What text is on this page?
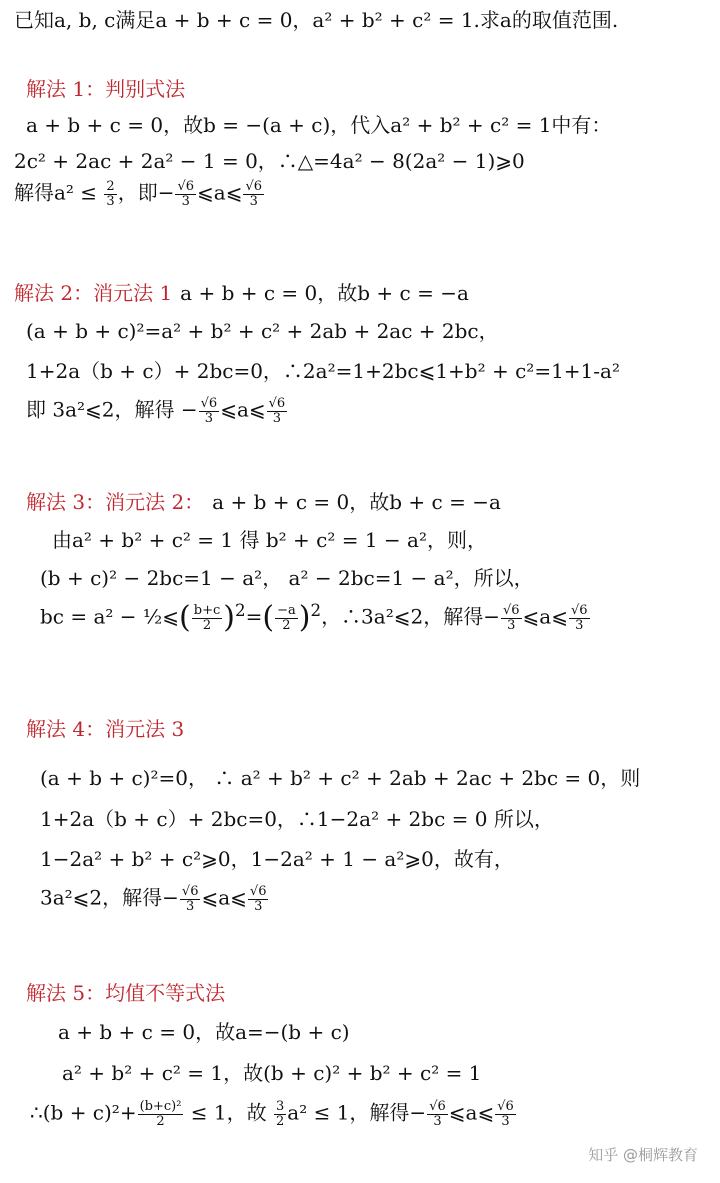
已知a, b, c满足a + b + c = 0，a² + b² + c² = 1.求a的取值范围.
解法 1：判别式法
a + b + c = 0，故b = −(a + c)，代入a² + b² + c² = 1中有：
2c² + 2ac + 2a² − 1 = 0，∴△=4a² − 8(2a² − 1)⩾0
解得$a^2 \le \frac{2}{3}$ ，即− $\frac{√6}{3}$ ⩽a⩽ $\frac{√6}{3}$
解法 2：消元法 1 a + b + c = 0，故b + c = −a
(a + b + c)²=a² + b² + c² + 2ab + 2ac + 2bc，
1+2a（b + c）+ 2bc=0，∴2a²=1+2bc⩽1+b² + c²=1+1-a²
即 3a²⩽2，解得 − $\frac{√6}{3}$ ⩽a⩽ $\frac{√6}{3}$
解法 3：消元法 2： a + b + c = 0，故b + c = −a
由a² + b² + c² = 1 得 b² + c² = 1 − a²，则，
(b + c)² − 2bc=1 − a²， a² − 2bc=1 − a²，所以，
bc = a² − ½⩽( $\frac{b+c}{2} )^2=( \frac{-a}{2} )^2$，∴3a²⩽2，解得− $\frac{√6}{3}$ ⩽a⩽ $\frac{√6}{3}$
解法 4：消元法 3
(a + b + c)²=0， ∴ a² + b² + c² + 2ab + 2ac + 2bc = 0，则
1+2a（b + c）+ 2bc=0，∴1−2a² + 2bc = 0 所以，
1−2a² + b² + c²⩾0，1−2a² + 1 − a²⩾0，故有，
3a²⩽2，解得− $\frac{√6}{3}$ ⩽a⩽ $\frac{√6}{3}$
解法 5：均值不等式法
a + b + c = 0，故a=−(b + c)
a² + b² + c² = 1，故(b + c)² + b² + c² = 1
∴(b + $c)^2+ \frac{\text{(b+c)²}}{2} \le 1$，故 $\frac{3}{2} a^2 \le 1$，解得− $\frac{√6}{3}$ ⩽a⩽ $\frac{√6}{3}$
知乎 @桐辉教育
